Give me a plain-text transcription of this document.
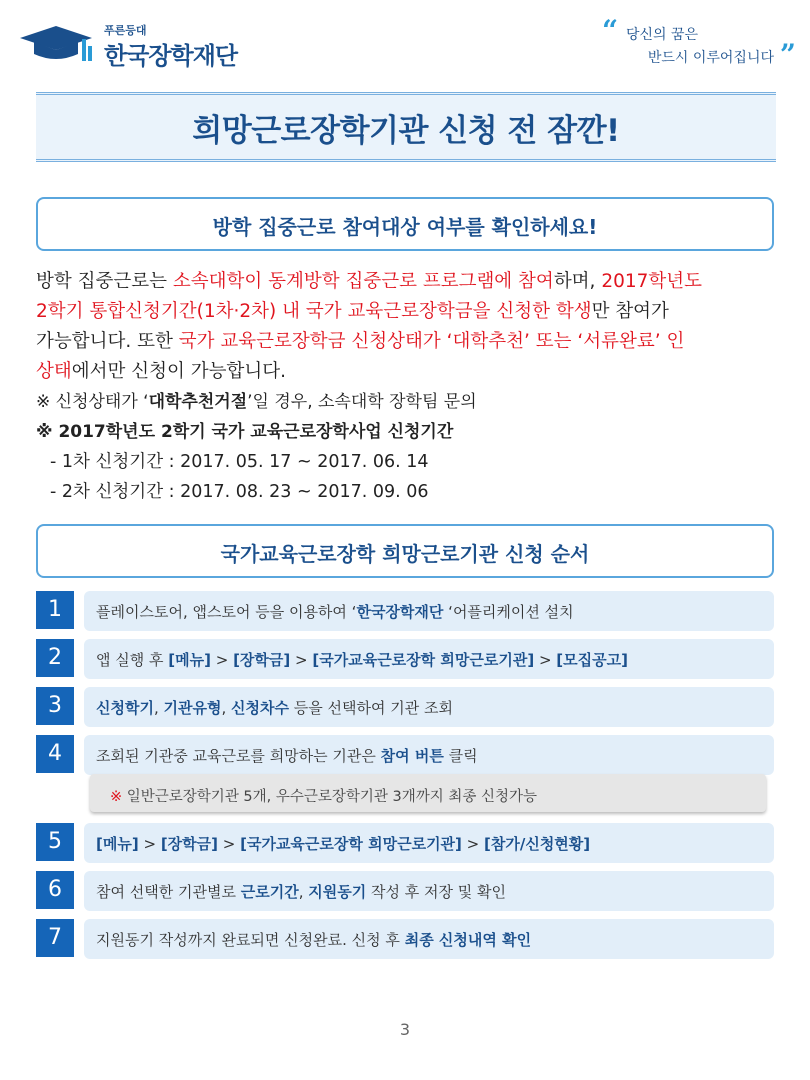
푸른등대
한국장학재단
“ 당신의 꿈은
반드시 이루어집니다 ”
희망근로장학기관 신청 전 잠깐!
방학 집중근로 참여대상 여부를 확인하세요!
방학 집중근로는 소속대학이 동계방학 집중근로 프로그램에 참여하며, 2017학년도
2학기 통합신청기간(1차·2차) 내 국가 교육근로장학금을 신청한 학생만 참여가
가능합니다. 또한 국가 교육근로장학금 신청상태가 ‘대학추천’ 또는 ‘서류완료’ 인
상태에서만 신청이 가능합니다.
※ 신청상태가 ‘대학추천거절’일 경우, 소속대학 장학팀 문의
※ 2017학년도 2학기 국가 교육근로장학사업 신청기간
- 1차 신청기간 : 2017. 05. 17 ~ 2017. 06. 14
- 2차 신청기간 : 2017. 08. 23 ~ 2017. 09. 06
국가교육근로장학 희망근로기관 신청 순서
1	플레이스토어, 앱스토어 등을 이용하여 ‘한국장학재단 ‘어플리케이션 설치
2	앱 실행 후 [메뉴] > [장학금] > [국가교육근로장학 희망근로기관] > [모집공고]
3	신청학기, 기관유형, 신청차수 등을 선택하여 기관 조회
4	조회된 기관중 교육근로를 희망하는 기관은 참여 버튼 클릭
※ 일반근로장학기관 5개, 우수근로장학기관 3개까지 최종 신청가능
5	[메뉴] > [장학금] > [국가교육근로장학 희망근로기관] > [참가/신청현황]
6	참여 선택한 기관별로 근로기간, 지원동기 작성 후 저장 및 확인
7	지원동기 작성까지 완료되면 신청완료. 신청 후 최종 신청내역 확인
3
